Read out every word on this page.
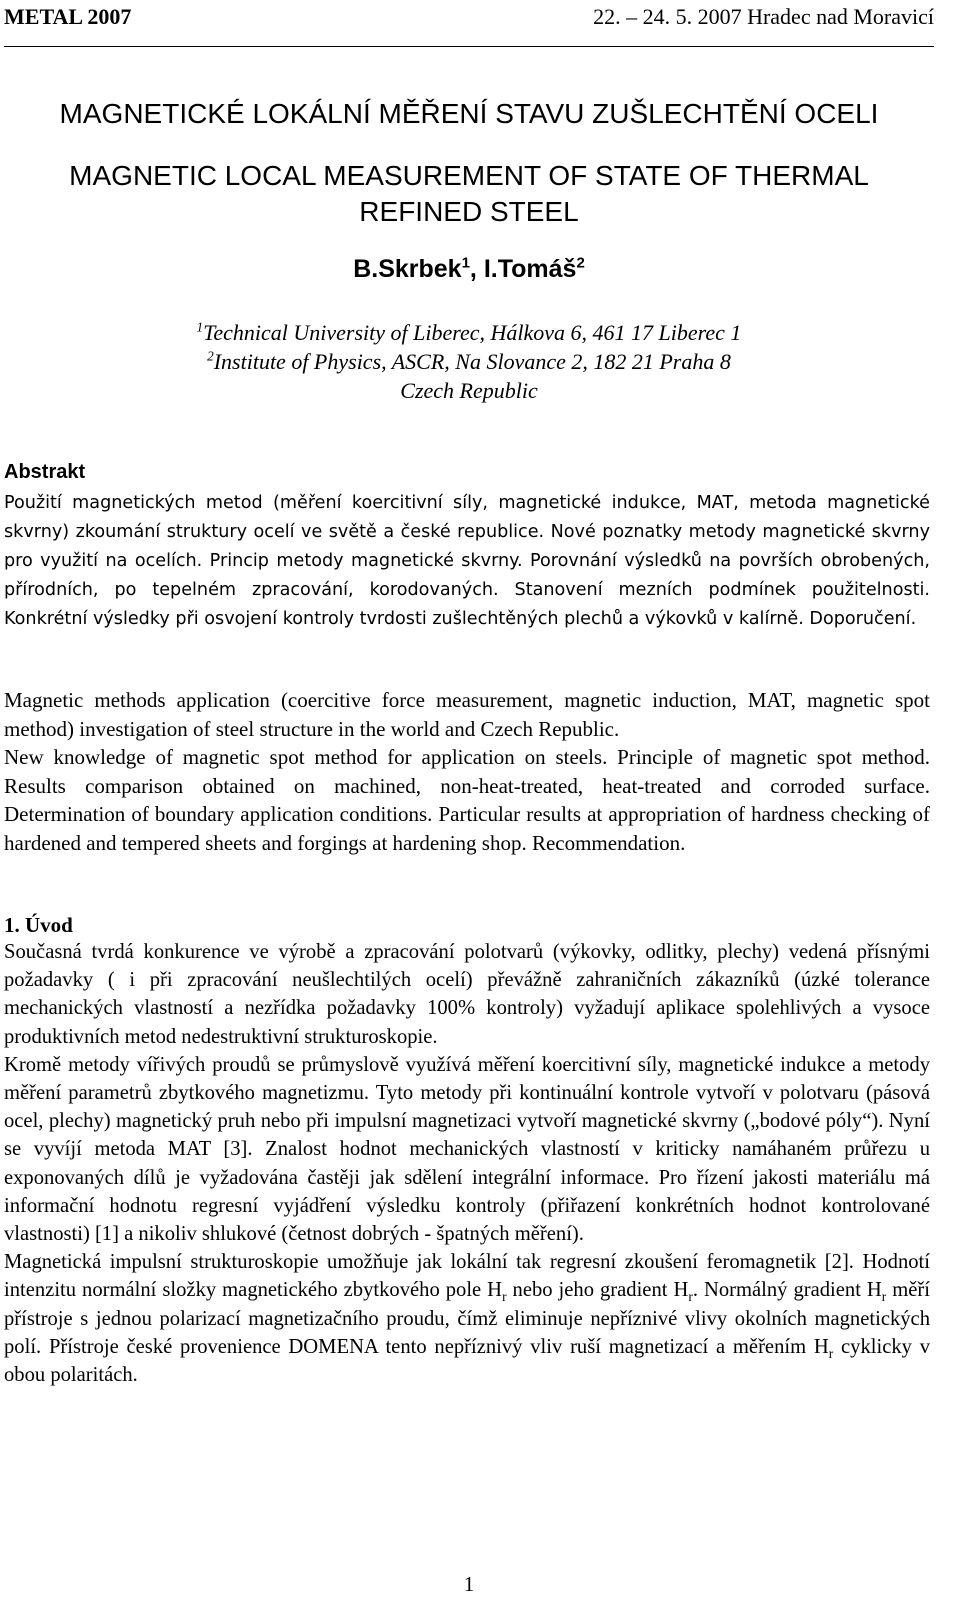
METAL 2007	22. – 24. 5. 2007 Hradec nad Moravicí
MAGNETICKÉ LOKÁLNÍ MĚŘENÍ STAVU ZUŠLECHTĚNÍ OCELI
MAGNETIC LOCAL MEASUREMENT OF STATE OF THERMAL
REFINED STEEL
B.Skrbek$^1$, I.Tomáš$^2$
$^1$Technical University of Liberec, Hálkova 6, 461 17 Liberec 1
$^2$Institute of Physics, ASCR, Na Slovance 2, 182 21 Praha 8
Czech Republic
Abstrakt

Použití magnetických metod (měření koercitivní síly, magnetické indukce, MAT, metoda magnetické skvrny) zkoumání struktury ocelí ve světě a české republice. Nové poznatky metody magnetické skvrny pro využití na ocelích. Princip metody magnetické skvrny. Porovnání výsledků na površích obrobených, přírodních, po tepelném zpracování, korodovaných. Stanovení mezních podmínek použitelnosti. Konkrétní výsledky při osvojení kontroly tvrdosti zušlechtěných plechů a výkovků v kalírně. Doporučení.

Magnetic methods application (coercitive force measurement, magnetic induction, MAT, magnetic spot method) investigation of steel structure in the world and Czech Republic.

New knowledge of magnetic spot method for application on steels. Principle of magnetic spot method. Results comparison obtained on machined, non-heat-treated, heat-treated and corroded surface. Determination of boundary application conditions. Particular results at appropriation of hardness checking of hardened and tempered sheets and forgings at hardening shop. Recommendation.

1. Úvod

Současná tvrdá konkurence ve výrobě a zpracování polotvarů (výkovky, odlitky, plechy) vedená přísnými požadavky ( i při zpracování neušlechtilých ocelí) převážně zahraničních zákazníků (úzké tolerance mechanických vlastností a nezřídka požadavky 100% kontroly) vyžadují aplikace spolehlivých a vysoce produktivních metod nedestruktivní strukturoskopie.

Kromě metody vířivých proudů se průmyslově využívá měření koercitivní síly, magnetické indukce a metody měření parametrů zbytkového magnetizmu. Tyto metody při kontinuální kontrole vytvoří v polotvaru (pásová ocel, plechy) magnetický pruh nebo při impulsní magnetizaci vytvoří magnetické skvrny („bodové póly“). Nyní se vyvíjí metoda MAT [3]. Znalost hodnot mechanických vlastností v kriticky namáhaném průřezu u exponovaných dílů je vyžadována častěji jak sdělení integrální informace. Pro řízení jakosti materiálu má informační hodnotu regresní vyjádření výsledku kontroly (přiřazení konkrétních hodnot kontrolované vlastnosti) [1] a nikoliv shlukové (četnost dobrých - špatných měření).

Magnetická impulsní strukturoskopie umožňuje jak lokální tak regresní zkoušení feromagnetik [2]. Hodnotí intenzitu normální složky magnetického zbytkového pole $H_r$ nebo jeho gradient $H_r$. Normálný gradient $H_r$ měří přístroje s jednou polarizací magnetizačního proudu, čímž eliminuje nepříznivé vlivy okolních magnetických polí. Přístroje české provenience DOMENA tento nepříznivý vliv ruší magnetizací a měřením $H_r$ cyklicky v obou polaritách.

1
